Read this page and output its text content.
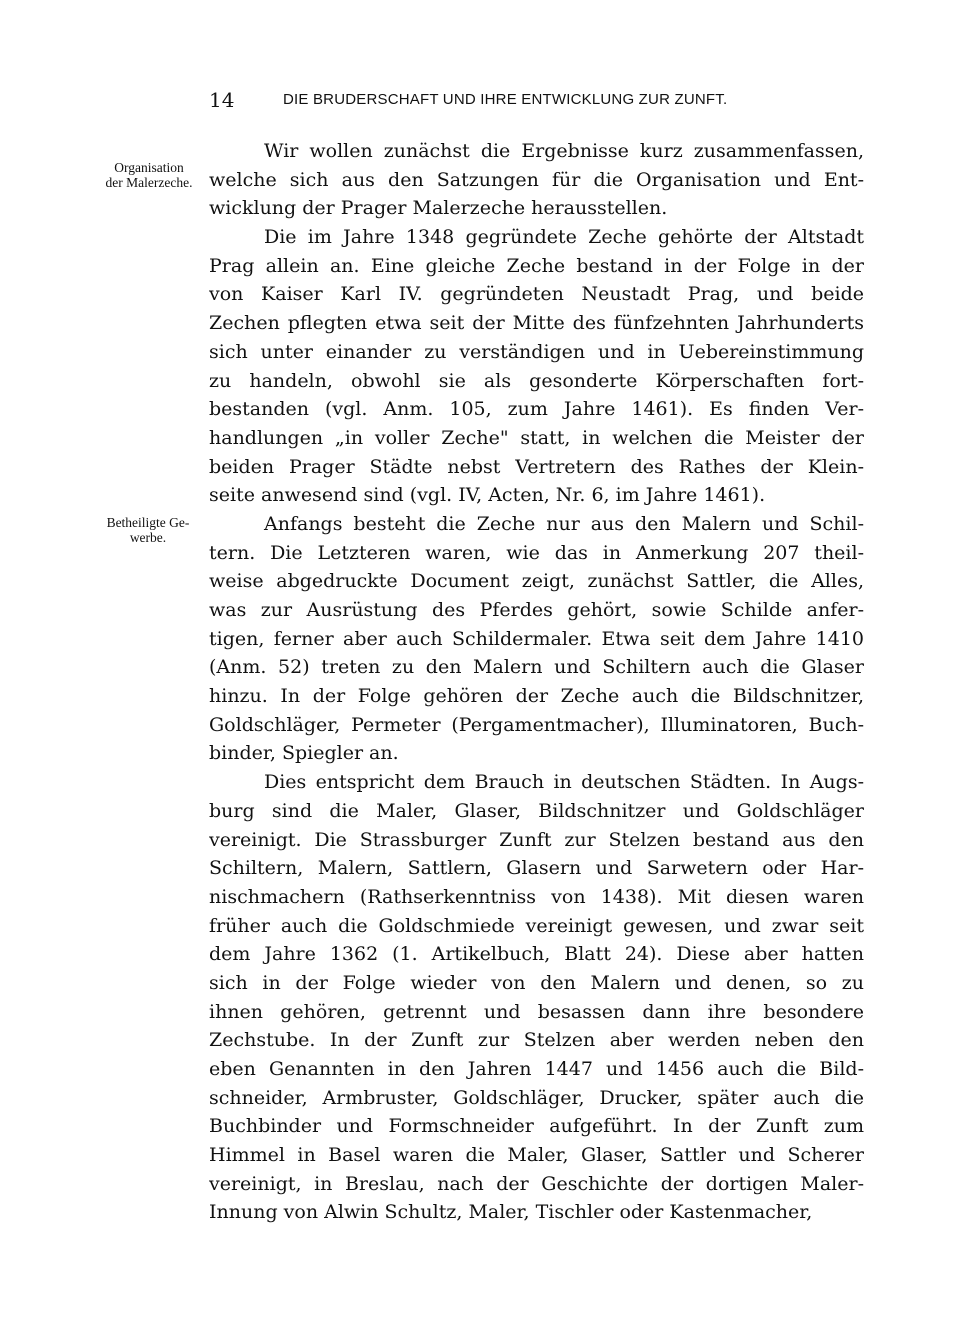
14	DIE BRUDERSCHAFT UND IHRE ENTWICKLUNG ZUR ZUNFT.
Organisation
der Malerzeche.
Betheiligte Ge-
werbe.

Wir wollen zunächst die Ergebnisse kurz zusammenfassen,
welche sich aus den Satzungen für die Organisation und Ent-
wicklung der Prager Malerzeche herausstellen.

Die im Jahre 1348 gegründete Zeche gehörte der Altstadt
Prag allein an. Eine gleiche Zeche bestand in der Folge in der
von Kaiser Karl IV. gegründeten Neustadt Prag, und beide
Zechen pflegten etwa seit der Mitte des fünfzehnten Jahrhunderts
sich unter einander zu verständigen und in Uebereinstimmung
zu handeln, obwohl sie als gesonderte Körperschaften fort-
bestanden (vgl. Anm. 105, zum Jahre 1461). Es finden Ver-
handlungen „in voller Zeche" statt, in welchen die Meister der
beiden Prager Städte nebst Vertretern des Rathes der Klein-
seite anwesend sind (vgl. IV, Acten, Nr. 6, im Jahre 1461).

Anfangs besteht die Zeche nur aus den Malern und Schil-
tern. Die Letzteren waren, wie das in Anmerkung 207 theil-
weise abgedruckte Document zeigt, zunächst Sattler, die Alles,
was zur Ausrüstung des Pferdes gehört, sowie Schilde anfer-
tigen, ferner aber auch Schildermaler. Etwa seit dem Jahre 1410
(Anm. 52) treten zu den Malern und Schiltern auch die Glaser
hinzu. In der Folge gehören der Zeche auch die Bildschnitzer,
Goldschläger, Permeter (Pergamentmacher), Illuminatoren, Buch-
binder, Spiegler an.

Dies entspricht dem Brauch in deutschen Städten. In Augs-
burg sind die Maler, Glaser, Bildschnitzer und Goldschläger
vereinigt. Die Strassburger Zunft zur Stelzen bestand aus den
Schiltern, Malern, Sattlern, Glasern und Sarwetern oder Har-
nischmachern (Rathserkenntniss von 1438). Mit diesen waren
früher auch die Goldschmiede vereinigt gewesen, und zwar seit
dem Jahre 1362 (1. Artikelbuch, Blatt 24). Diese aber hatten
sich in der Folge wieder von den Malern und denen, so zu
ihnen gehören, getrennt und besassen dann ihre besondere
Zechstube. In der Zunft zur Stelzen aber werden neben den
eben Genannten in den Jahren 1447 und 1456 auch die Bild-
schneider, Armbruster, Goldschläger, Drucker, später auch die
Buchbinder und Formschneider aufgeführt. In der Zunft zum
Himmel in Basel waren die Maler, Glaser, Sattler und Scherer
vereinigt, in Breslau, nach der Geschichte der dortigen Maler-
Innung von Alwin Schultz, Maler, Tischler oder Kastenmacher,
